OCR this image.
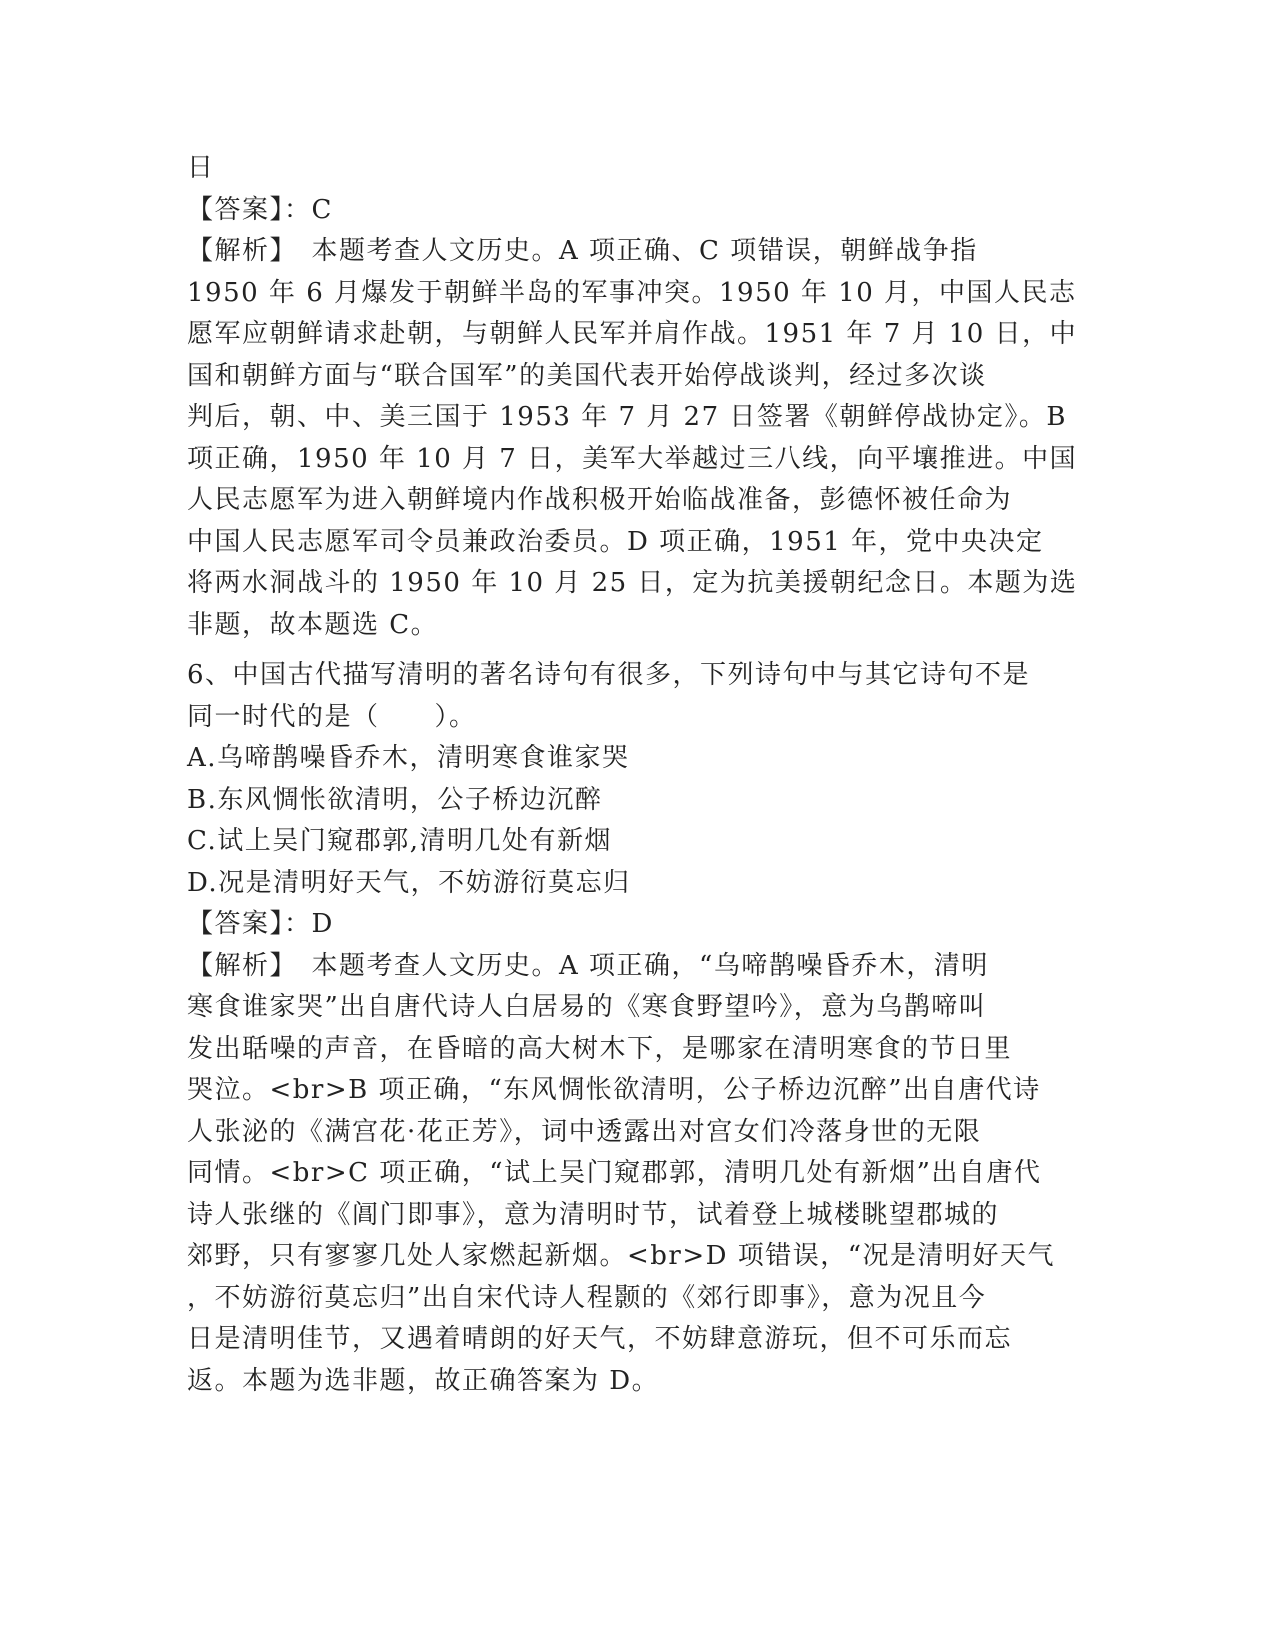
日
【答案】：C
【解析】　本题考查人文历史。A 项正确、C 项错误，朝鲜战争指
1950 年 6 月爆发于朝鲜半岛的军事冲突。1950 年 10 月，中国人民志
愿军应朝鲜请求赴朝，与朝鲜人民军并肩作战。1951 年 7 月 10 日，中
国和朝鲜方面与“联合国军”的美国代表开始停战谈判，经过多次谈
判后，朝、中、美三国于 1953 年 7 月 27 日签署《朝鲜停战协定》。B
项正确，1950 年 10 月 7 日，美军大举越过三八线，向平壤推进。中国
人民志愿军为进入朝鲜境内作战积极开始临战准备，彭德怀被任命为
中国人民志愿军司令员兼政治委员。D 项正确，1951 年，党中央决定
将两水洞战斗的 1950 年 10 月 25 日，定为抗美援朝纪念日。本题为选
非题，故本题选 C。
6、中国古代描写清明的著名诗句有很多，下列诗句中与其它诗句不是
同一时代的是（　　）。
A.乌啼鹊噪昏乔木，清明寒食谁家哭
B.东风惆怅欲清明，公子桥边沉醉
C.试上吴门窥郡郭,清明几处有新烟
D.况是清明好天气，不妨游衍莫忘归
【答案】：D
【解析】　本题考查人文历史。A 项正确，“乌啼鹊噪昏乔木，清明
寒食谁家哭”出自唐代诗人白居易的《寒食野望吟》，意为乌鹊啼叫
发出聒噪的声音，在昏暗的高大树木下，是哪家在清明寒食的节日里
哭泣。<br>B 项正确，“东风惆怅欲清明，公子桥边沉醉”出自唐代诗
人张泌的《满宫花·花正芳》，词中透露出对宫女们冷落身世的无限
同情。<br>C 项正确，“试上吴门窥郡郭，清明几处有新烟”出自唐代
诗人张继的《阊门即事》，意为清明时节，试着登上城楼眺望郡城的
郊野，只有寥寥几处人家燃起新烟。<br>D 项错误，“况是清明好天气
，不妨游衍莫忘归”出自宋代诗人程颢的《郊行即事》，意为况且今
日是清明佳节，又遇着晴朗的好天气，不妨肆意游玩，但不可乐而忘
返。本题为选非题，故正确答案为 D。
